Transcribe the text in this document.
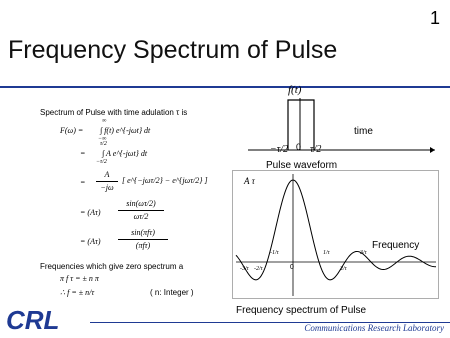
1
Frequency Spectrum of Pulse
Spectrum of Pulse with time adulation τ is
F(ω) =
∞
∫ f(t) e^{-jωt} dt
−∞
=
τ/2
∫ A e^{-jωt} dt
−τ/2
=
A
−jω
[ e^{−jωτ/2} − e^{jωτ/2} ]
= (Aτ)
sin(ωτ/2)
ωτ/2
= (Aτ)
sin(πfτ)
(πfτ)
Frequencies which give zero spectrum a
π f τ = ± n π
∴ f = ± n/τ	( n: Integer )
f(t)
time
−τ/2 0 τ/2
Pulse waveform
A τ
Frequency
0
-1/τ
-2/τ
-3/τ
1/τ
2/τ
3/τ
Frequency spectrum of Pulse
CRL	Communications Research Laboratory
